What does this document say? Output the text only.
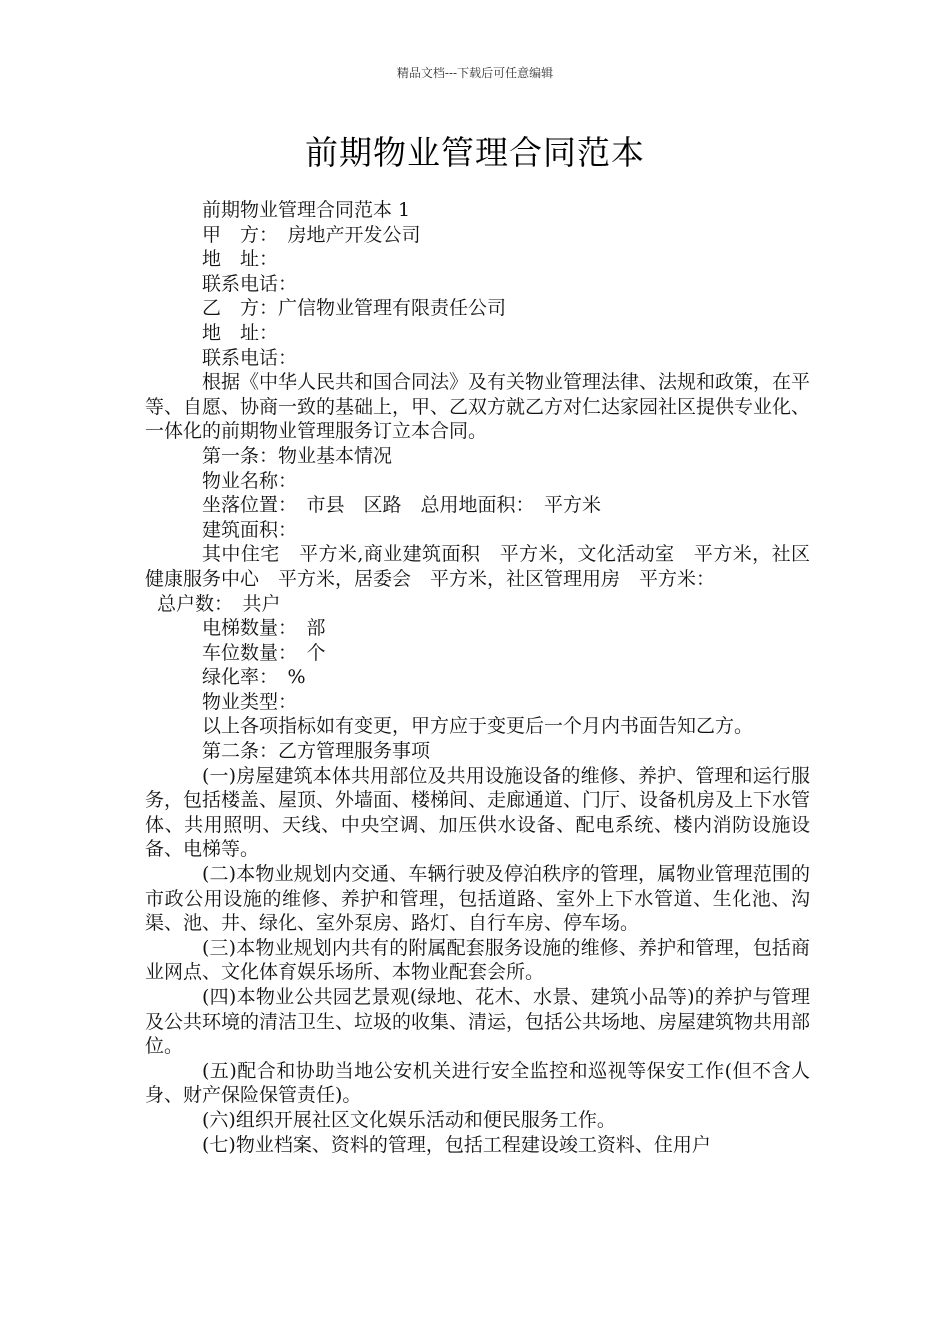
精品文档---下载后可任意编辑
前期物业管理合同范本

前期物业管理合同范本 1

甲　方：　房地产开发公司

地　址：

联系电话：

乙　方：广信物业管理有限责任公司

地　址：

联系电话：

根据《中华人民共和国合同法》及有关物业管理法律、法规和政策，在平等、自愿、协商一致的基础上，甲、乙双方就乙方对仁达家园社区提供专业化、一体化的前期物业管理服务订立本合同。

第一条：物业基本情况

物业名称：

坐落位置：　市县　区路　总用地面积：　平方米

建筑面积：

其中住宅　平方米,商业建筑面积　平方米，文化活动室　平方米，社区健康服务中心　平方米，居委会　平方米，社区管理用房　平方米：

总户数：　共户

电梯数量：　部

车位数量：　个

绿化率：　%

物业类型：

以上各项指标如有变更，甲方应于变更后一个月内书面告知乙方。

第二条：乙方管理服务事项

(一)房屋建筑本体共用部位及共用设施设备的维修、养护、管理和运行服务，包括楼盖、屋顶、外墙面、楼梯间、走廊通道、门厅、设备机房及上下水管体、共用照明、天线、中央空调、加压供水设备、配电系统、楼内消防设施设备、电梯等。

(二)本物业规划内交通、车辆行驶及停泊秩序的管理，属物业管理范围的市政公用设施的维修、养护和管理，包括道路、室外上下水管道、生化池、沟渠、池、井、绿化、室外泵房、路灯、自行车房、停车场。

(三)本物业规划内共有的附属配套服务设施的维修、养护和管理，包括商业网点、文化体育娱乐场所、本物业配套会所。

(四)本物业公共园艺景观(绿地、花木、水景、建筑小品等)的养护与管理及公共环境的清洁卫生、垃圾的收集、清运，包括公共场地、房屋建筑物共用部位。

(五)配合和协助当地公安机关进行安全监控和巡视等保安工作(但不含人身、财产保险保管责任)。

(六)组织开展社区文化娱乐活动和便民服务工作。

(七)物业档案、资料的管理，包括工程建设竣工资料、住用户
